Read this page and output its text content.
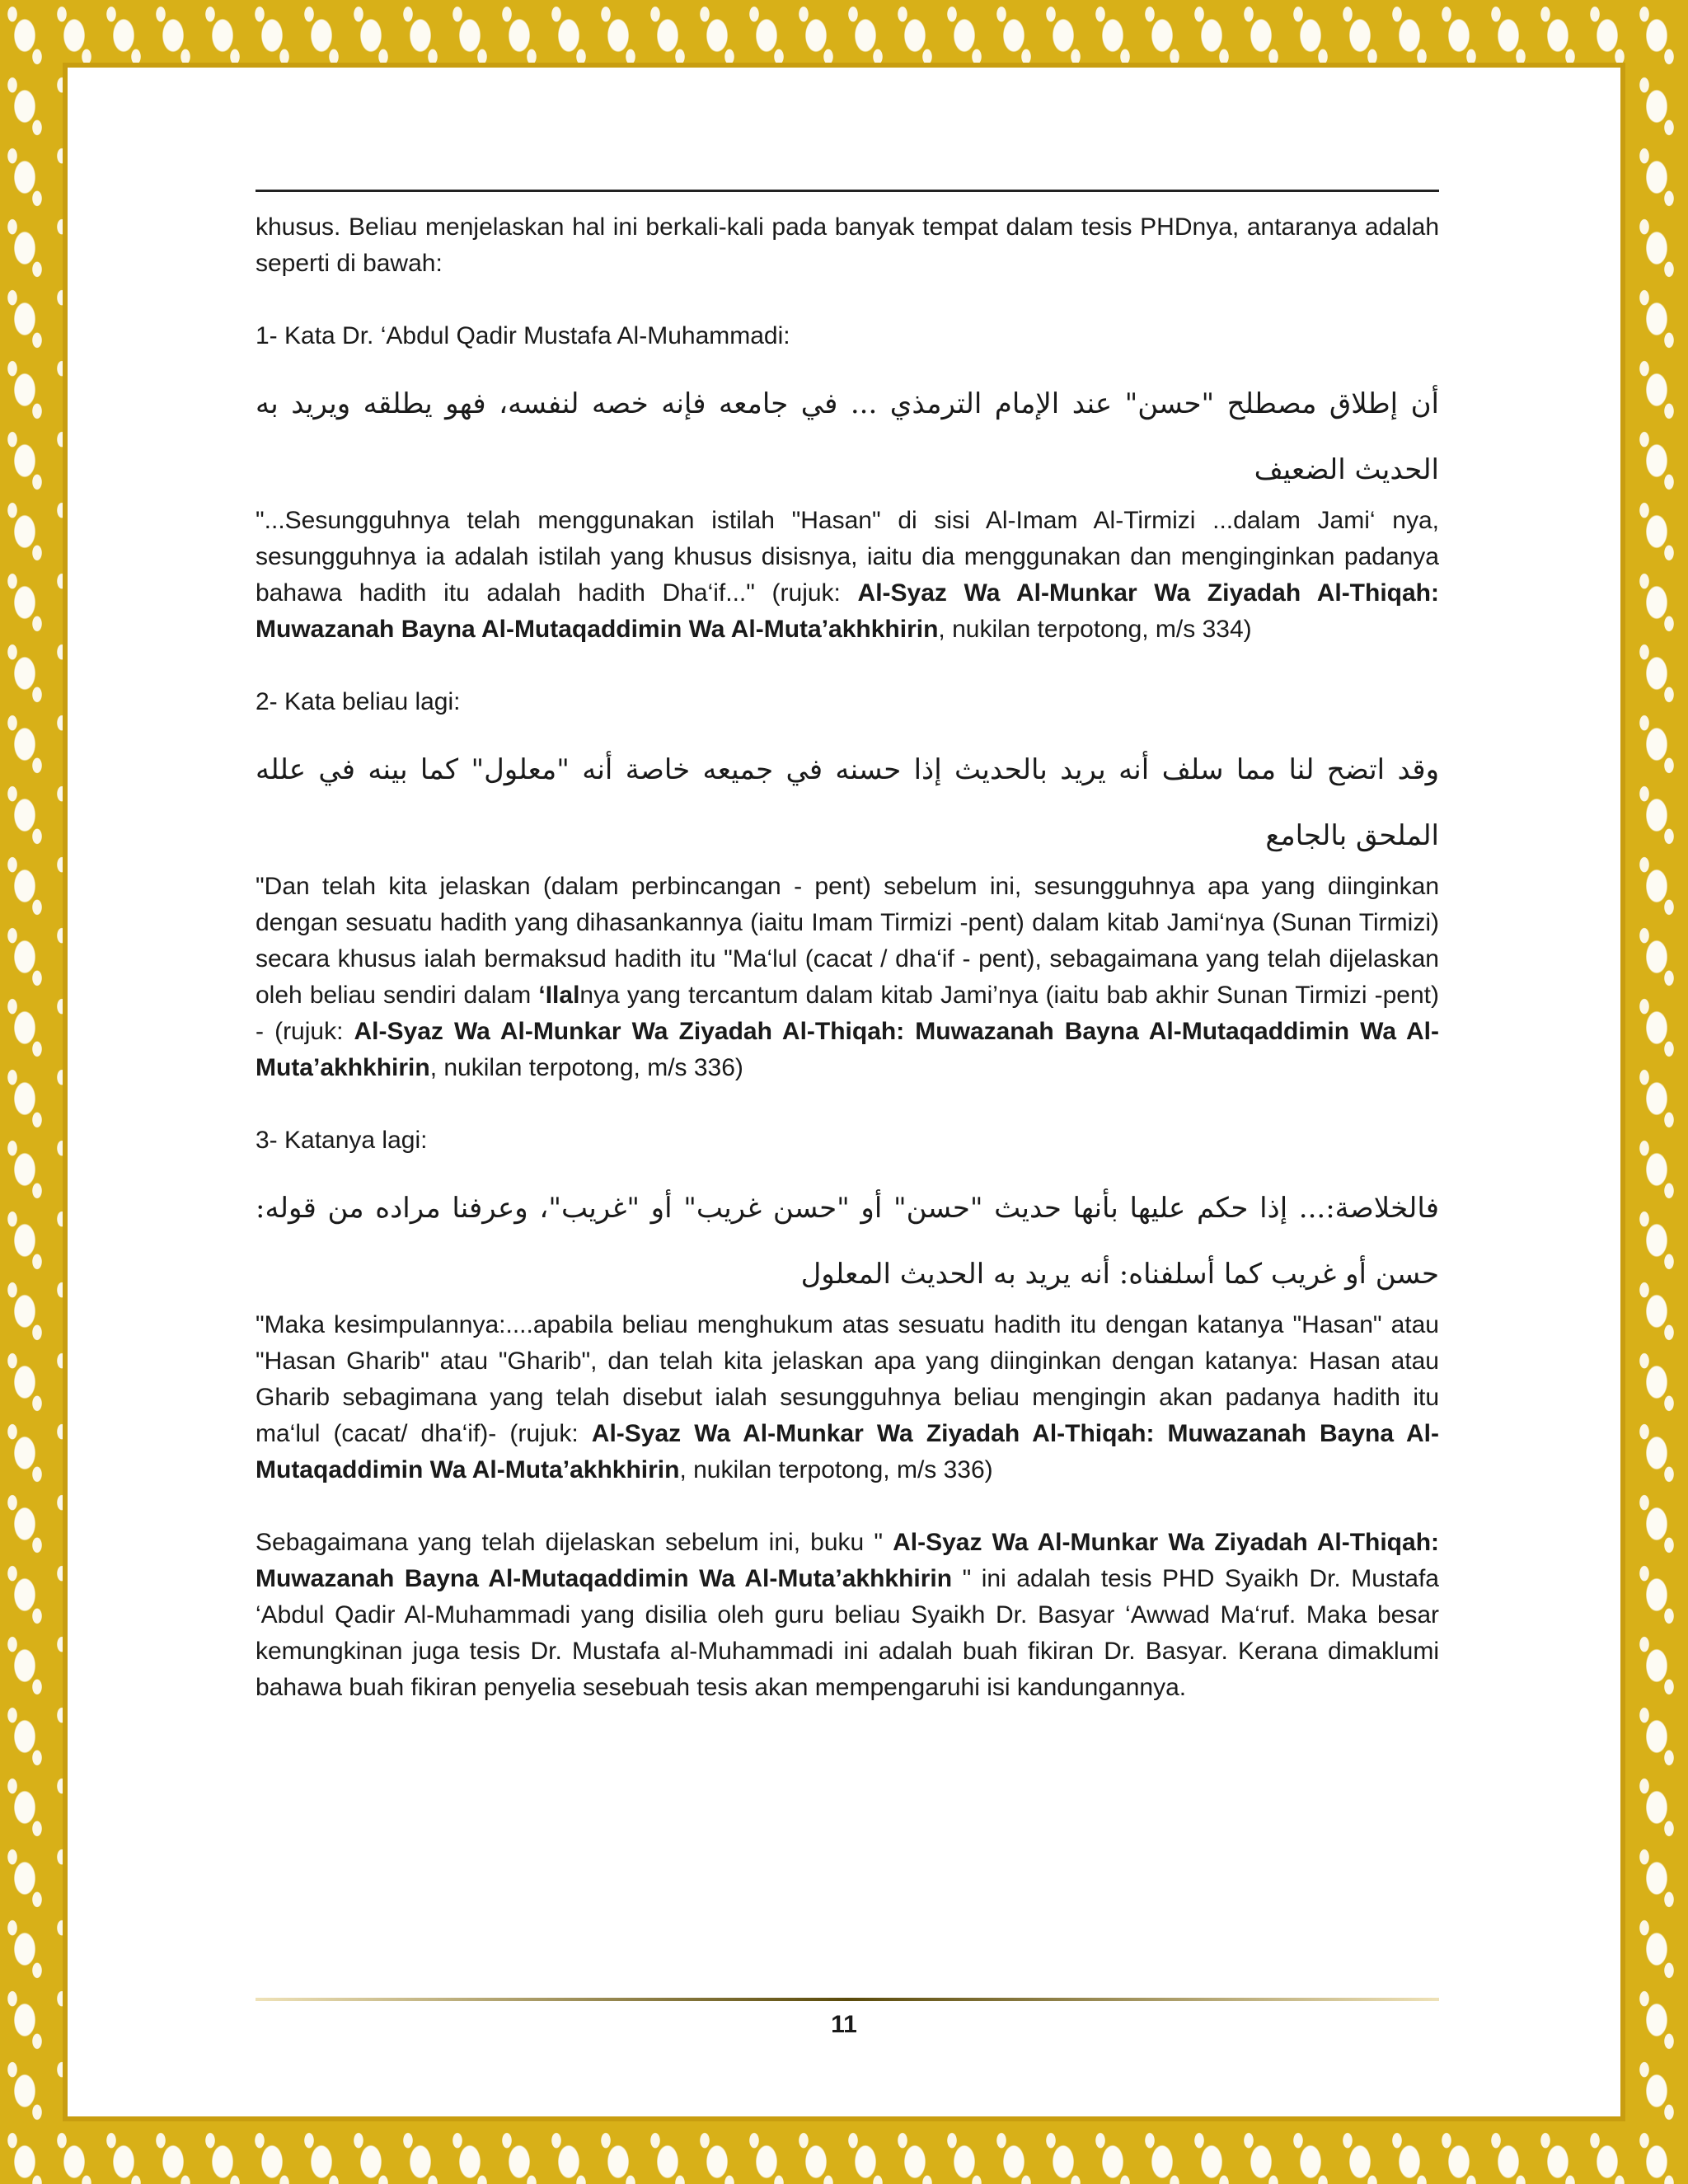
khusus. Beliau menjelaskan hal ini berkali-kali pada banyak tempat dalam tesis PHDnya, antaranya adalah seperti di bawah:

1- Kata Dr. ‘Abdul Qadir Mustafa Al-Muhammadi:

أن إطلاق مصطلح "حسن" عند الإمام الترمذي ... في جامعه فإنه خصه لنفسه، فهو يطلقه ويريد به الحديث الضعيف

"...Sesungguhnya telah menggunakan istilah "Hasan" di sisi Al-Imam Al-Tirmizi ...dalam Jami‘ nya, sesungguhnya ia adalah istilah yang khusus disisnya, iaitu dia menggunakan dan menginginkan padanya bahawa hadith itu adalah hadith Dha‘if..." (rujuk: Al-Syaz Wa Al-Munkar Wa Ziyadah Al-Thiqah: Muwazanah Bayna Al-Mutaqaddimin Wa Al-Muta’akhkhirin, nukilan terpotong, m/s 334)

2- Kata beliau lagi:

وقد اتضح لنا مما سلف أنه يريد بالحديث إذا حسنه في جميعه خاصة أنه "معلول" كما بينه في علله الملحق بالجامع

"Dan telah kita jelaskan (dalam perbincangan - pent) sebelum ini, sesungguhnya apa yang diinginkan dengan sesuatu hadith yang dihasankannya (iaitu Imam Tirmizi -pent) dalam kitab Jami‘nya (Sunan Tirmizi) secara khusus ialah bermaksud hadith itu "Ma‘lul (cacat / dha‘if - pent), sebagaimana yang telah dijelaskan oleh beliau sendiri dalam ‘Ilalnya yang tercantum dalam kitab Jami’nya (iaitu bab akhir Sunan Tirmizi -pent) - (rujuk: Al-Syaz Wa Al-Munkar Wa Ziyadah Al-Thiqah: Muwazanah Bayna Al-Mutaqaddimin Wa Al-Muta’akhkhirin, nukilan terpotong, m/s 336)

3- Katanya lagi:

فالخلاصة:... إذا حكم عليها بأنها حديث "حسن" أو "حسن غريب" أو "غريب"، وعرفنا مراده من قوله: حسن أو غريب كما أسلفناه: أنه يريد به الحديث المعلول

"Maka kesimpulannya:....apabila beliau menghukum atas sesuatu hadith itu dengan katanya "Hasan" atau "Hasan Gharib" atau "Gharib", dan telah kita jelaskan apa yang diinginkan dengan katanya: Hasan atau Gharib sebagimana yang telah disebut ialah sesungguhnya beliau mengingin akan padanya hadith itu ma‘lul (cacat/ dha‘if)- (rujuk: Al-Syaz Wa Al-Munkar Wa Ziyadah Al-Thiqah: Muwazanah Bayna Al-Mutaqaddimin Wa Al-Muta’akhkhirin, nukilan terpotong, m/s 336)

Sebagaimana yang telah dijelaskan sebelum ini, buku " Al-Syaz Wa Al-Munkar Wa Ziyadah Al-Thiqah: Muwazanah Bayna Al-Mutaqaddimin Wa Al-Muta’akhkhirin " ini adalah tesis PHD Syaikh Dr. Mustafa ‘Abdul Qadir Al-Muhammadi yang disilia oleh guru beliau Syaikh Dr. Basyar ‘Awwad Ma‘ruf. Maka besar kemungkinan juga tesis Dr. Mustafa al-Muhammadi ini adalah buah fikiran Dr. Basyar. Kerana dimaklumi bahawa buah fikiran penyelia sesebuah tesis akan mempengaruhi isi kandungannya.

11
